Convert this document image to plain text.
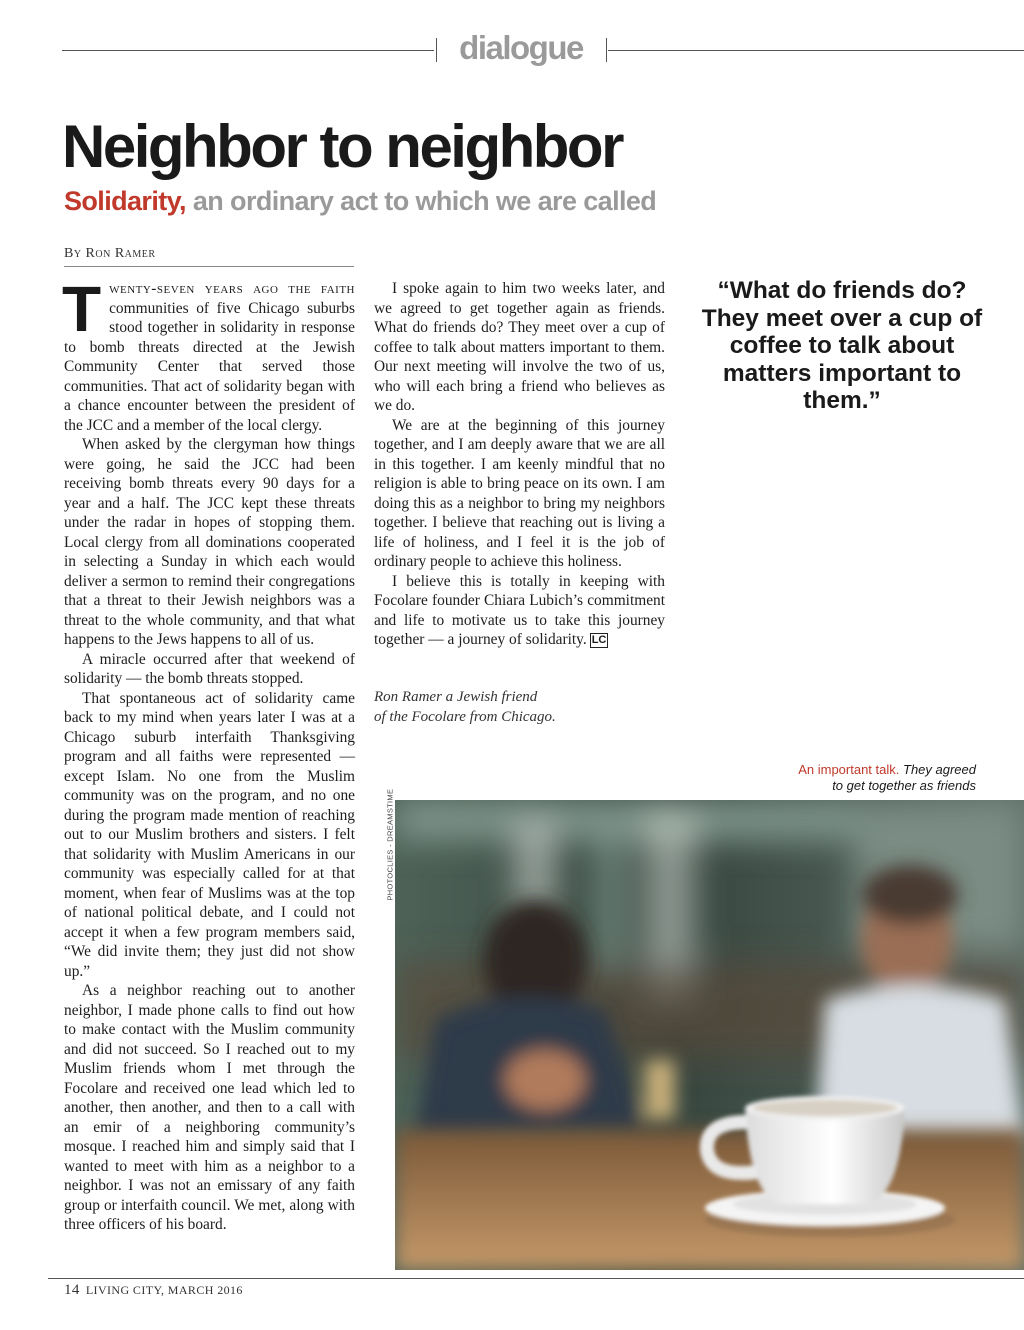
dialogue
Neighbor to neighbor
Solidarity, an ordinary act to which we are called
By Ron Ramer

Twenty-seven years ago the faith communities of five Chicago suburbs stood together in solidarity in response to bomb threats directed at the Jewish Community Center that served those communities. That act of solidarity began with a chance encounter between the president of the JCC and a member of the local clergy.

When asked by the clergyman how things were going, he said the JCC had been receiving bomb threats every 90 days for a year and a half. The JCC kept these threats under the radar in hopes of stopping them. Local clergy from all dominations cooperated in selecting a Sunday in which each would deliver a sermon to remind their congregations that a threat to their Jewish neighbors was a threat to the whole community, and that what happens to the Jews happens to all of us.

A miracle occurred after that weekend of solidarity — the bomb threats stopped.

That spontaneous act of solidarity came back to my mind when years later I was at a Chicago suburb interfaith Thanksgiving program and all faiths were represented — except Islam. No one from the Muslim community was on the program, and no one during the program made mention of reaching out to our Muslim brothers and sisters. I felt that solidarity with Muslim Americans in our community was especially called for at that moment, when fear of Muslims was at the top of national political debate, and I could not accept it when a few program members said, “We did invite them; they just did not show up.”

As a neighbor reaching out to another neighbor, I made phone calls to find out how to make contact with the Muslim community and did not succeed. So I reached out to my Muslim friends whom I met through the Focolare and received one lead which led to another, then another, and then to a call with an emir of a neighboring community’s mosque. I reached him and simply said that I wanted to meet with him as a neighbor to a neighbor. I was not an emissary of any faith group or interfaith council. We met, along with three officers of his board.

I spoke again to him two weeks later, and we agreed to get together again as friends. What do friends do? They meet over a cup of coffee to talk about matters important to them. Our next meeting will involve the two of us, who will each bring a friend who believes as we do.

We are at the beginning of this journey together, and I am deeply aware that we are all in this together. I am keenly mindful that no religion is able to bring peace on its own. I am doing this as a neighbor to bring my neighbors together. I believe that reaching out is living a life of holiness, and I feel it is the job of ordinary people to achieve this holiness.

I believe this is totally in keeping with Focolare founder Chiara Lubich’s commitment and life to motivate us to take this journey together — a journey of solidarity. LC

Ron Ramer a Jewish friend
of the Focolare from Chicago.
“What do friends do? They meet over a cup of coffee to talk about matters important to them.”
An important talk. They agreed
to get together as friends
PHOTOCLIES - DREAMSTIME
14 LIVING CITY, MARCH 2016
